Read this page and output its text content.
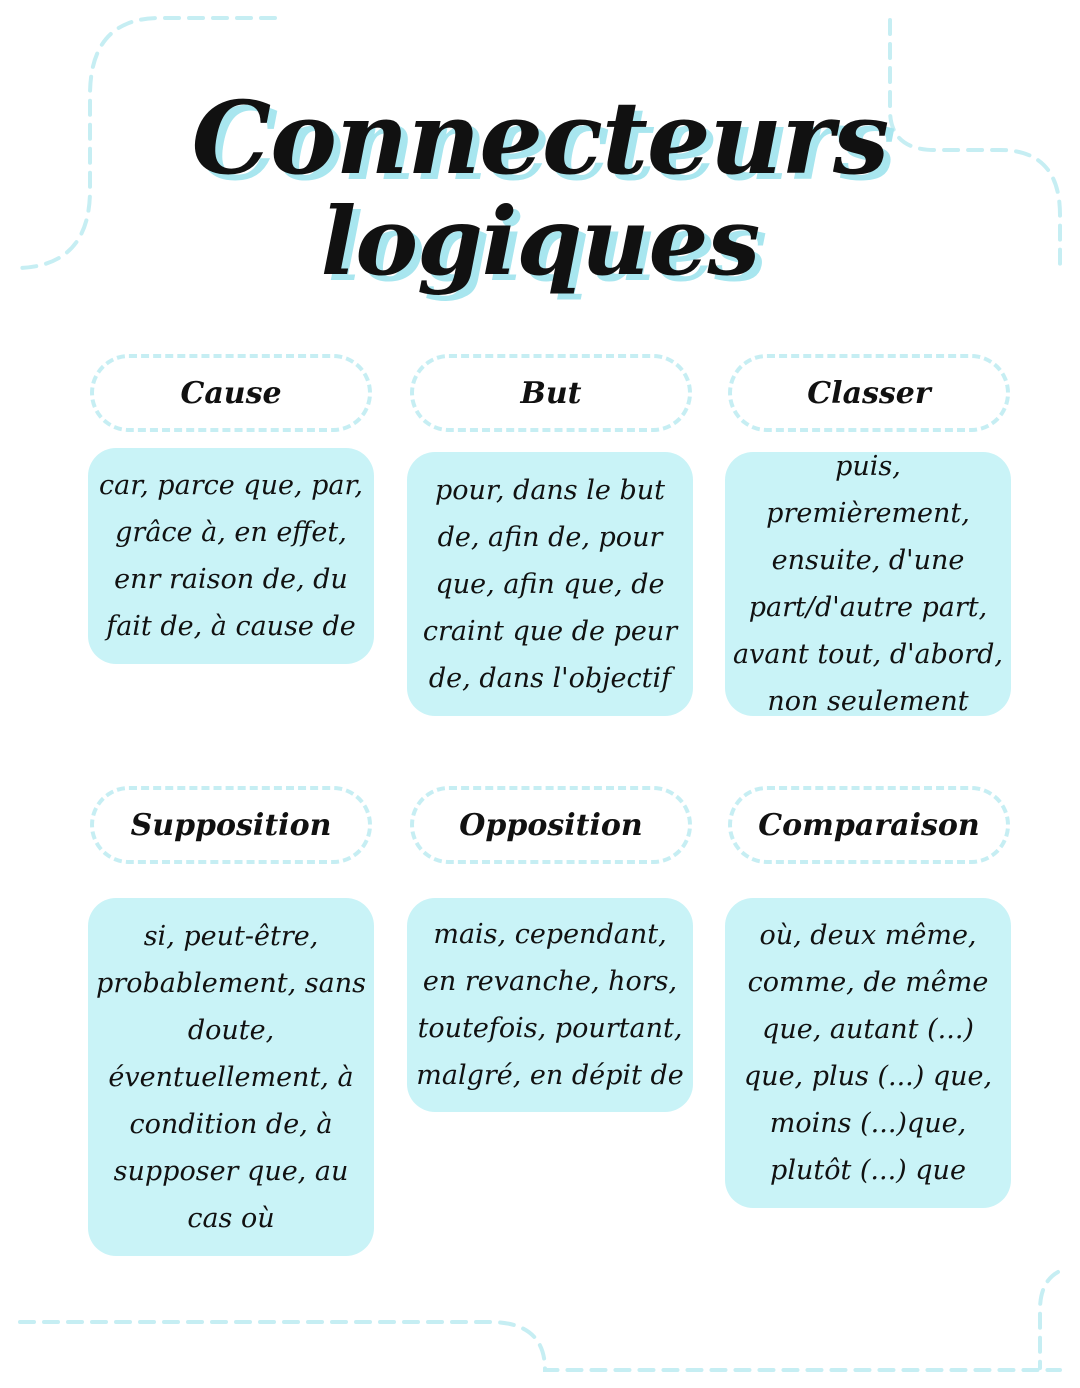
Connecteurs
logiques
Cause
car, parce que, par,
grâce à, en effet,
enr raison de, du
fait de, à cause de
But
pour, dans le but
de, afin de, pour
que, afin que, de
craint que de peur
de, dans l'objectif
Classer
puis, premièrement,
ensuite, d'une
part/d'autre part,
avant tout, d'abord,
non seulement
Supposition
si, peut-être,
probablement, sans
doute,
éventuellement, à
condition de, à
supposer que, au
cas où
Opposition
mais, cependant,
en revanche, hors,
toutefois, pourtant,
malgré, en dépit de
Comparaison
où, deux même,
comme, de même
que, autant (...)
que, plus (...) que,
moins (...)que,
plutôt (...) que
